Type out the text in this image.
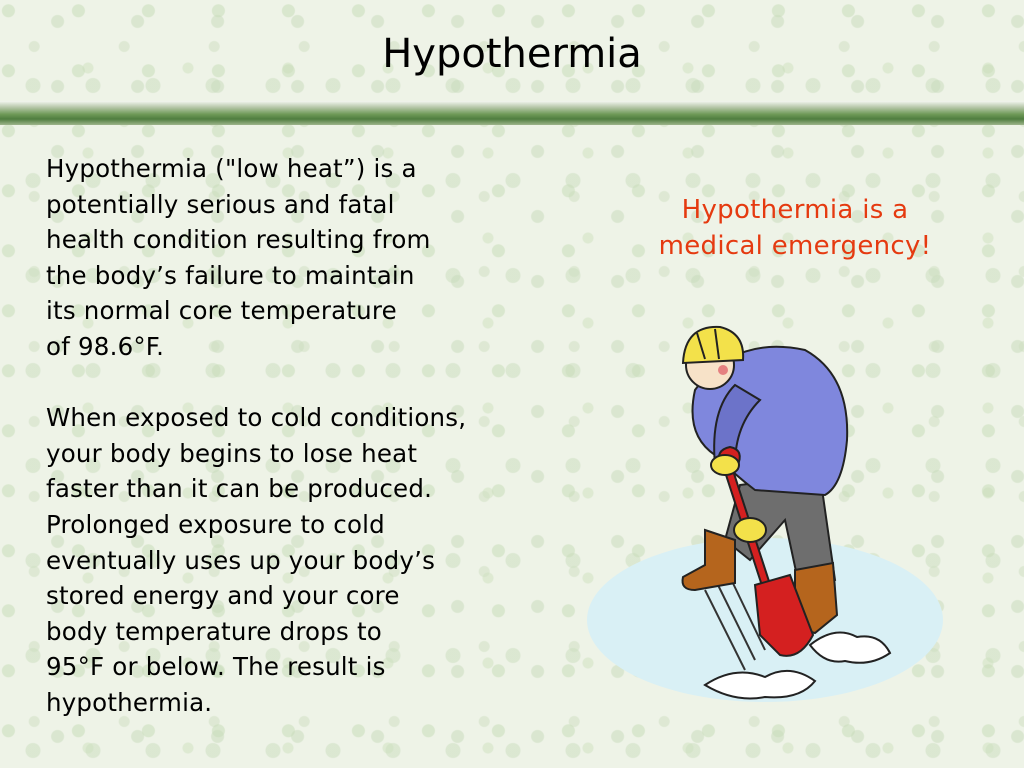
Hypothermia

Hypothermia ("low heat”) is a
potentially serious and fatal
health condition resulting from
the body’s failure to maintain
its normal core temperature
of 98.6°F.

When exposed to cold conditions,
your body begins to lose heat
faster than it can be produced.
Prolonged exposure to cold
eventually uses up your body’s
stored energy and your core
body temperature drops to
95°F or below. The result is
hypothermia.

Hypothermia is a
medical emergency!
